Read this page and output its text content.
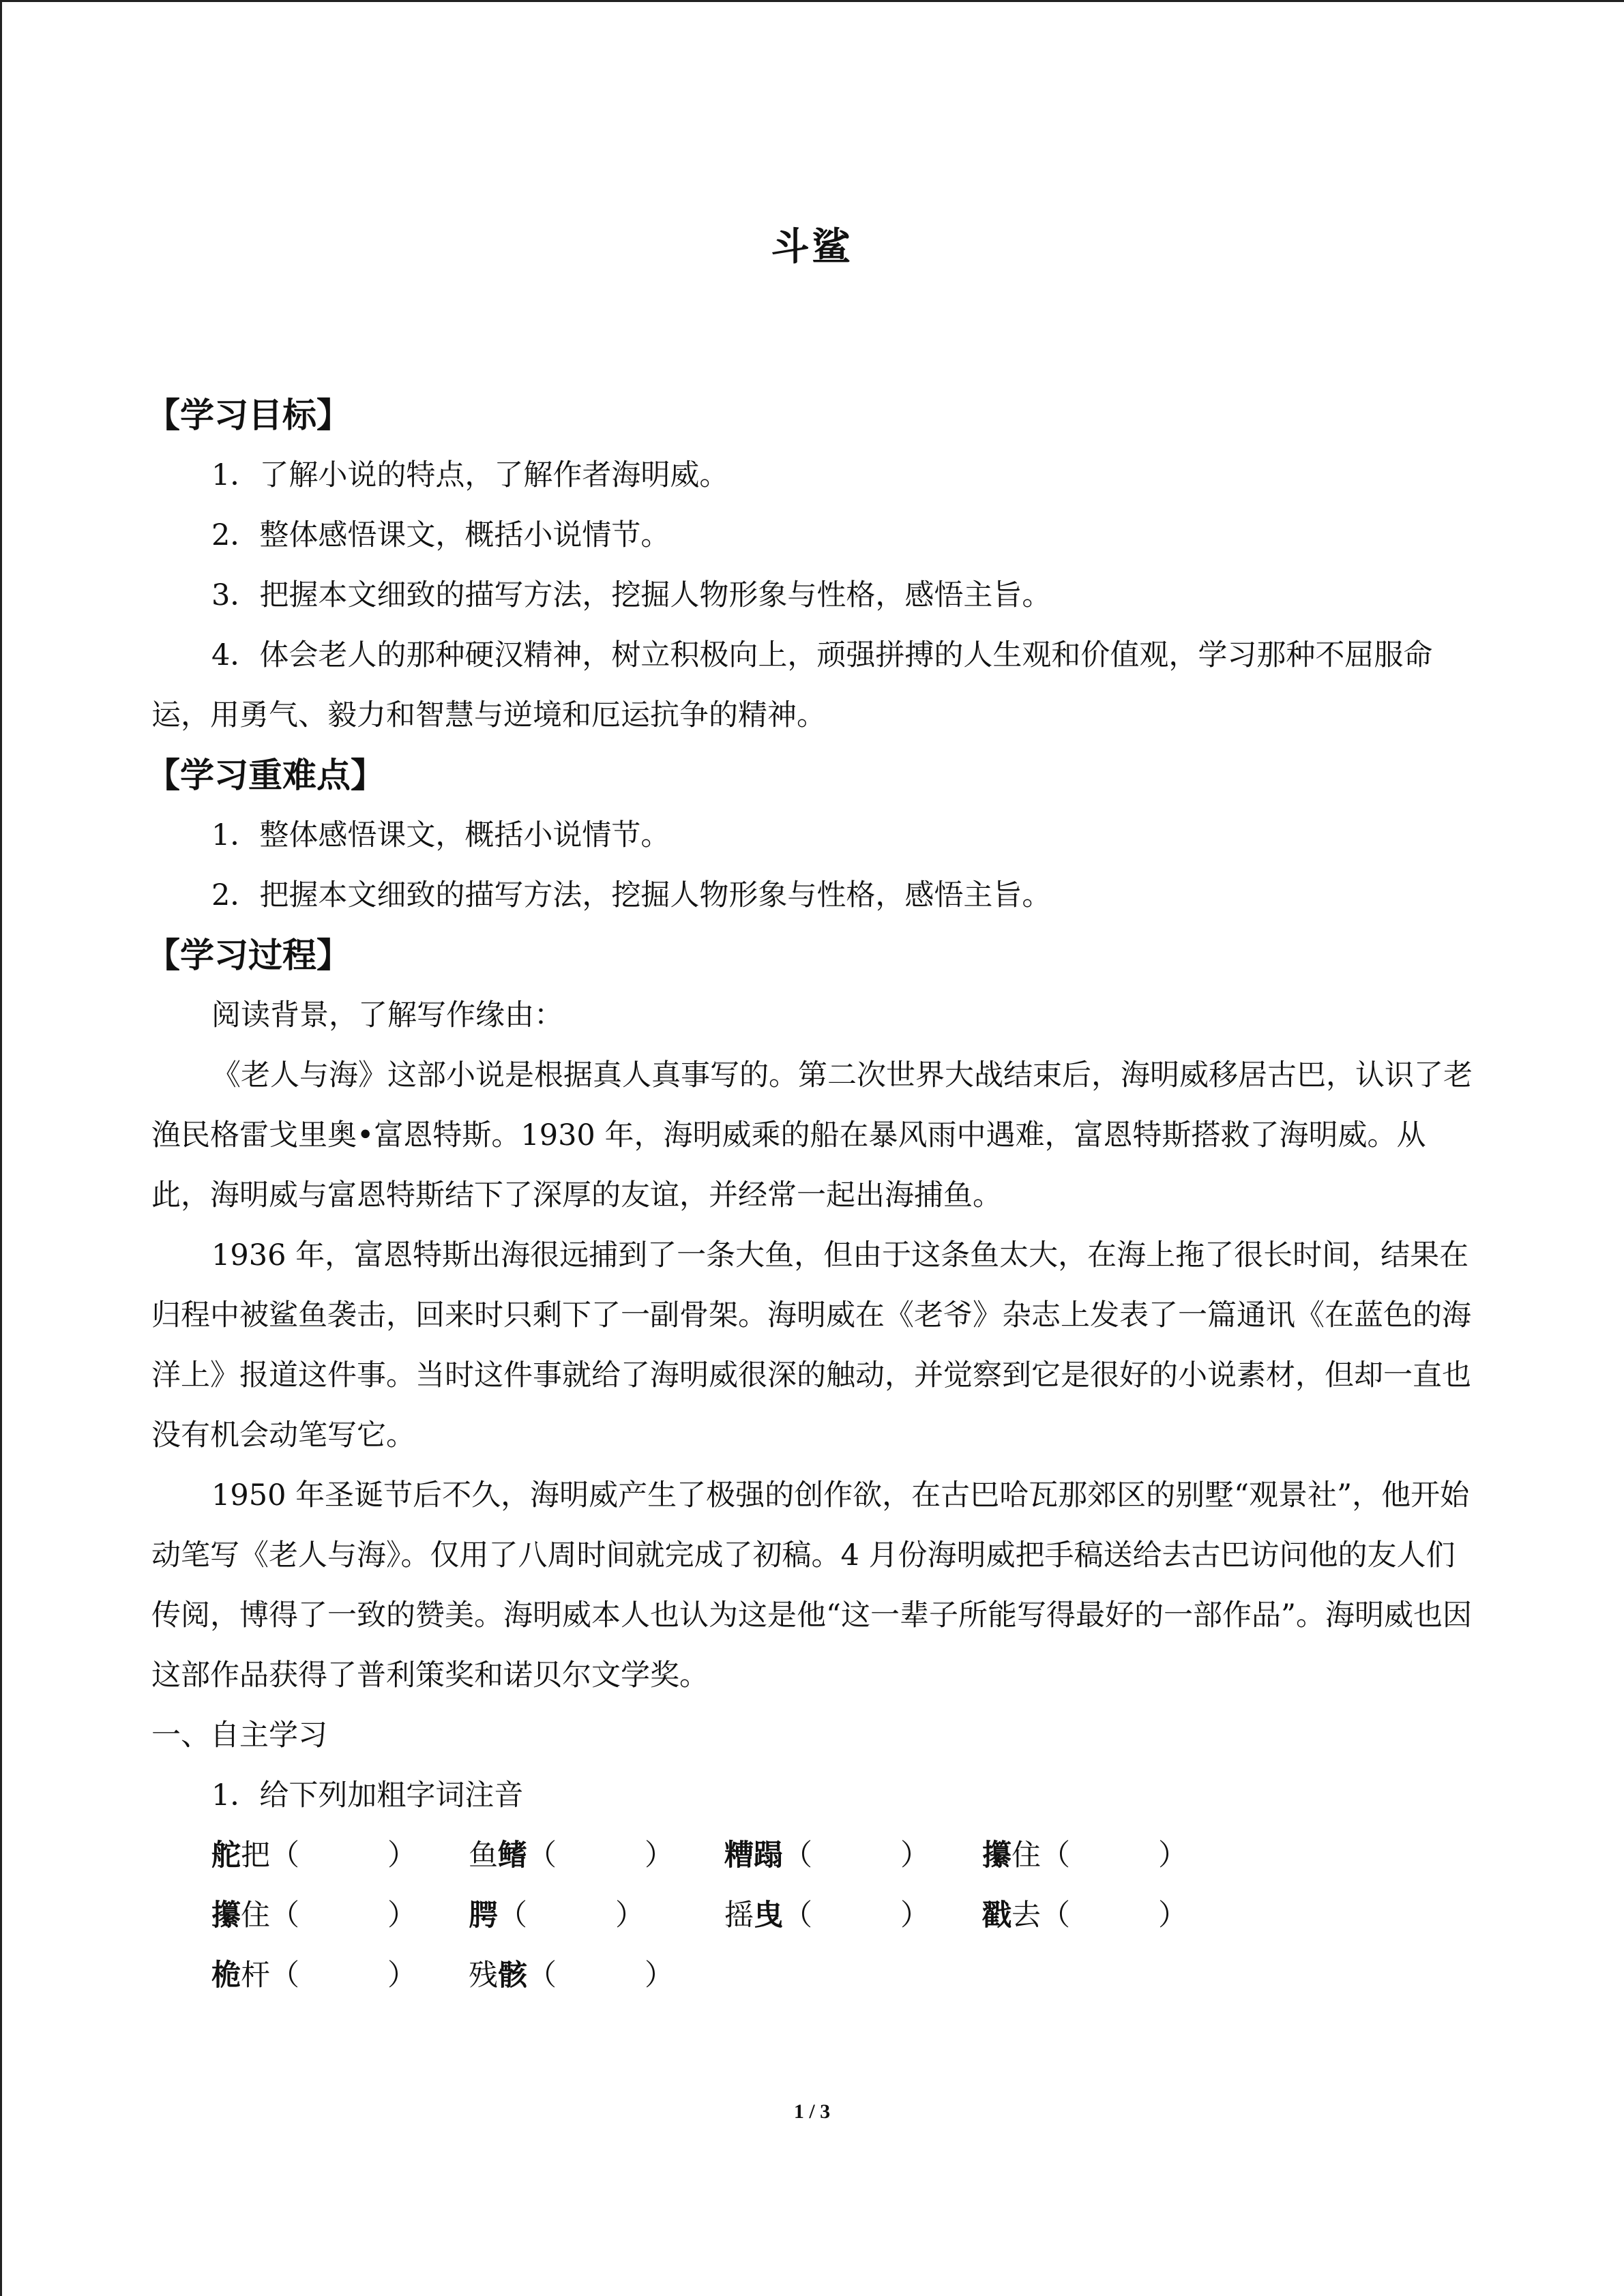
斗鲨
【学习目标】
1．了解小说的特点，了解作者海明威。
2．整体感悟课文，概括小说情节。
3．把握本文细致的描写方法，挖掘人物形象与性格，感悟主旨。
4．体会老人的那种硬汉精神，树立积极向上，顽强拼搏的人生观和价值观，学习那种不屈服命运，用勇气、毅力和智慧与逆境和厄运抗争的精神。
【学习重难点】
1．整体感悟课文，概括小说情节。
2．把握本文细致的描写方法，挖掘人物形象与性格，感悟主旨。
【学习过程】
阅读背景，了解写作缘由：
《老人与海》这部小说是根据真人真事写的。第二次世界大战结束后，海明威移居古巴，认识了老渔民格雷戈里奥•富恩特斯。1930 年，海明威乘的船在暴风雨中遇难，富恩特斯搭救了海明威。从此，海明威与富恩特斯结下了深厚的友谊，并经常一起出海捕鱼。
1936 年，富恩特斯出海很远捕到了一条大鱼，但由于这条鱼太大，在海上拖了很长时间，结果在归程中被鲨鱼袭击，回来时只剩下了一副骨架。海明威在《老爷》杂志上发表了一篇通讯《在蓝色的海洋上》报道这件事。当时这件事就给了海明威很深的触动，并觉察到它是很好的小说素材，但却一直也没有机会动笔写它。
1950 年圣诞节后不久，海明威产生了极强的创作欲，在古巴哈瓦那郊区的别墅“观景社”，他开始动笔写《老人与海》。仅用了八周时间就完成了初稿。4 月份海明威把手稿送给去古巴访问他的友人们传阅，博得了一致的赞美。海明威本人也认为这是他“这一辈子所能写得最好的一部作品”。海明威也因这部作品获得了普利策奖和诺贝尔文学奖。
一、自主学习
1．给下列加粗字词注音
舵把（　　　） 鱼鳍（　　　） 糟蹋（　　　） 攥住（　　　）
攥住（　　　） 腭（　　　）	摇曳（　　　） 戳去（　　　）
桅杆（　　　） 残骸（　　　）
1 / 3
